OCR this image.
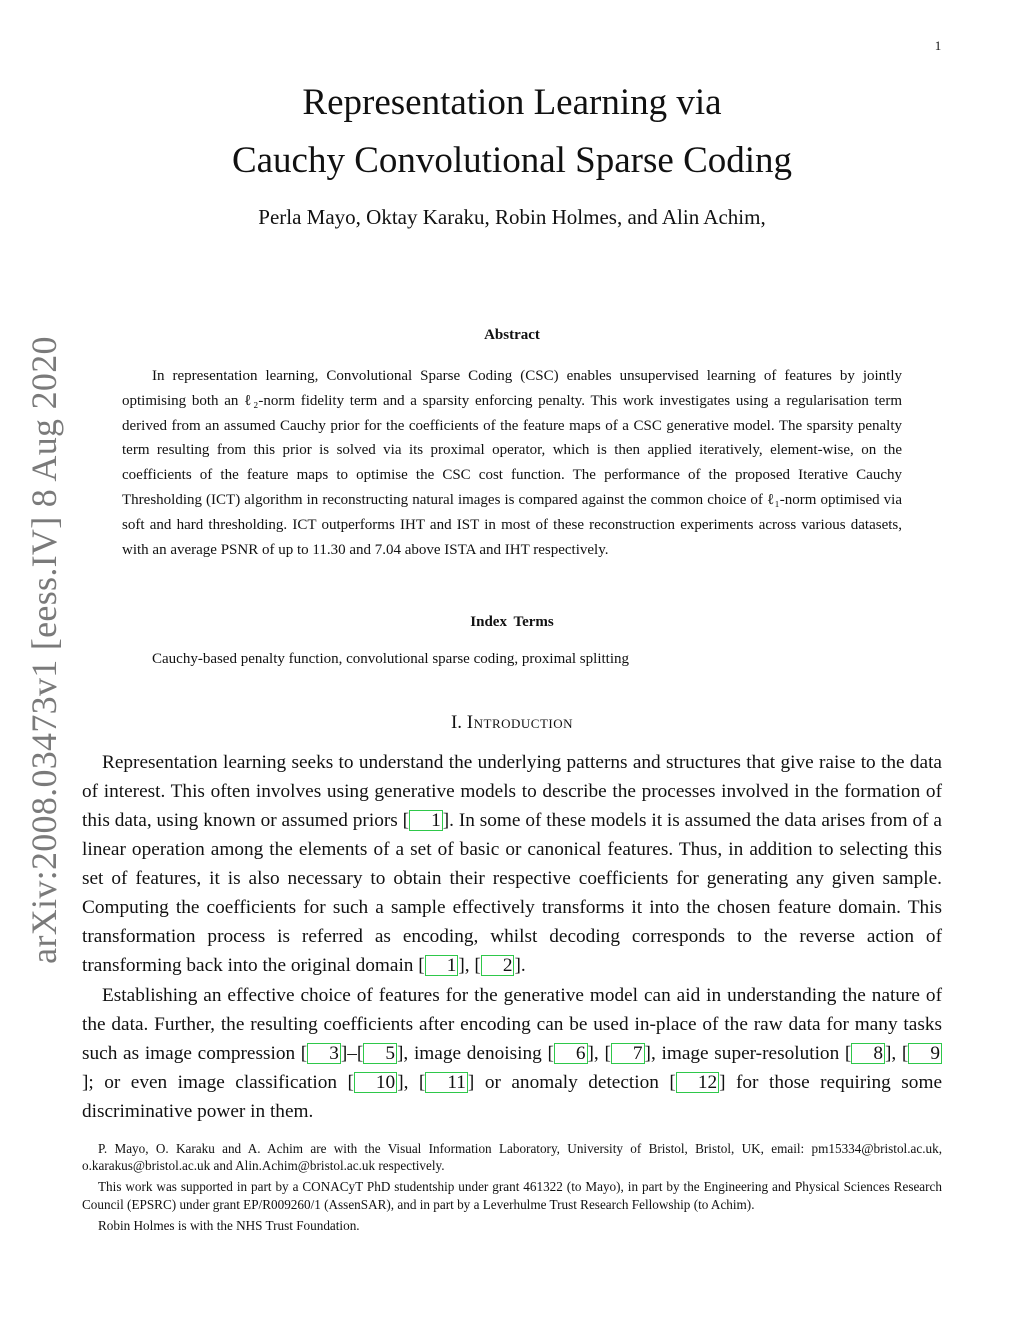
1
arXiv:2008.03473v1 [eess.IV] 8 Aug 2020
Representation Learning via
Cauchy Convolutional Sparse Coding
Perla Mayo, Oktay Karaku, Robin Holmes, and Alin Achim,
Abstract

In representation learning, Convolutional Sparse Coding (CSC) enables unsupervised learning of features by jointly optimising both an ℓ₂-norm fidelity term and a sparsity enforcing penalty. This work investigates using a regularisation term derived from an assumed Cauchy prior for the coefficients of the feature maps of a CSC generative model. The sparsity penalty term resulting from this prior is solved via its proximal operator, which is then applied iteratively, element-wise, on the coefficients of the feature maps to optimise the CSC cost function. The performance of the proposed Iterative Cauchy Thresholding (ICT) algorithm in reconstructing natural images is compared against the common choice of ℓ₁-norm optimised via soft and hard thresholding. ICT outperforms IHT and IST in most of these reconstruction experiments across various datasets, with an average PSNR of up to 11.30 and 7.04 above ISTA and IHT respectively.

Index Terms
Cauchy-based penalty function, convolutional sparse coding, proximal splitting
I. Introduction

Representation learning seeks to understand the underlying patterns and structures that give raise to the data of interest. This often involves using generative models to describe the processes involved in the formation of this data, using known or assumed priors [ 1 ]. In some of these models it is assumed the data arises from of a linear operation among the elements of a set of basic or canonical features. Thus, in addition to selecting this set of features, it is also necessary to obtain their respective coefficients for generating any given sample. Computing the coefficients for such a sample effectively transforms it into the chosen feature domain. This transformation process is referred as encoding, whilst decoding corresponds to the reverse action of transforming back into the original domain [ 1 ], [ 2 ].

Establishing an effective choice of features for the generative model can aid in understanding the nature of the data. Further, the resulting coefficients after encoding can be used in-place of the raw data for many tasks such as image compression [ 3 ]–[ 5 ], image denoising [ 6 ], [ 7 ], image super-resolution [ 8 ], [ 9]; or even image classification [ 10 ], [ 11 ] or anomaly detection [ 12 ] for those requiring some discriminative power in them.

P. Mayo, O. Karaku and A. Achim are with the Visual Information Laboratory, University of Bristol, Bristol, UK, email: pm15334@bristol.ac.uk, o.karakus@bristol.ac.uk and Alin.Achim@bristol.ac.uk respectively.

This work was supported in part by a CONACyT PhD studentship under grant 461322 (to Mayo), in part by the Engineering and Physical Sciences Research Council (EPSRC) under grant EP/R009260/1 (AssenSAR), and in part by a Leverhulme Trust Research Fellowship (to Achim).

Robin Holmes is with the NHS Trust Foundation.
